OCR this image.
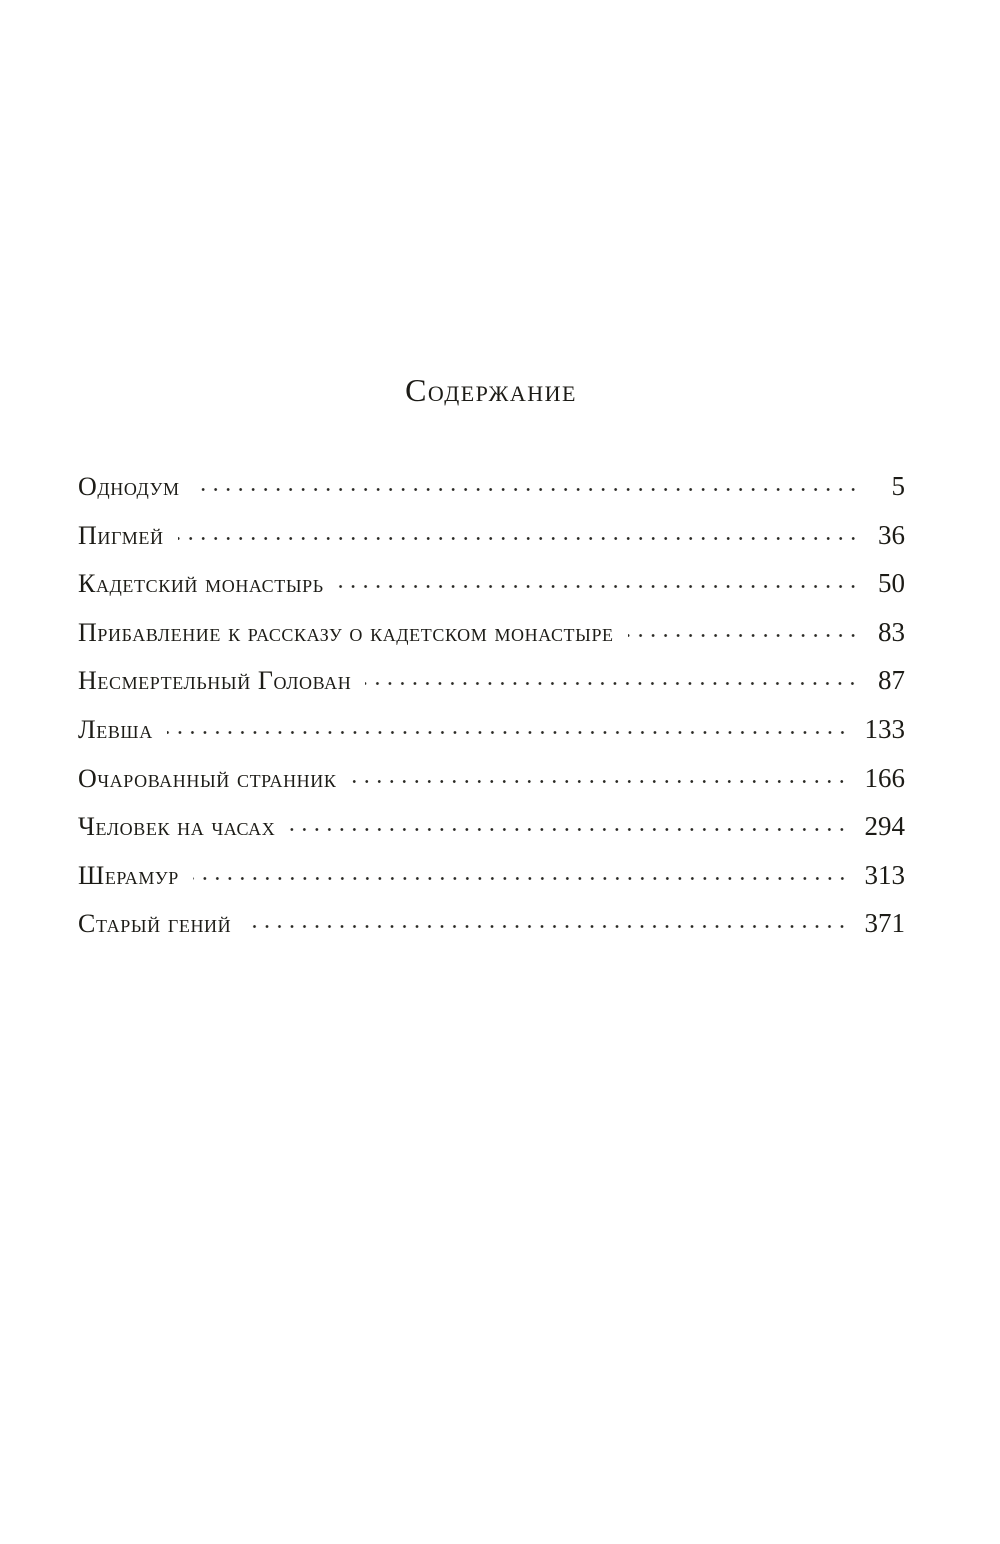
Содержание
Однодум	5
Пигмей	36
Кадетский монастырь	50
Прибавление к рассказу о кадетском монастыре	83
Несмертельный Голован	87
Левша	133
Очарованный странник	166
Человек на часах	294
Шерамур	313
Старый гений	371
